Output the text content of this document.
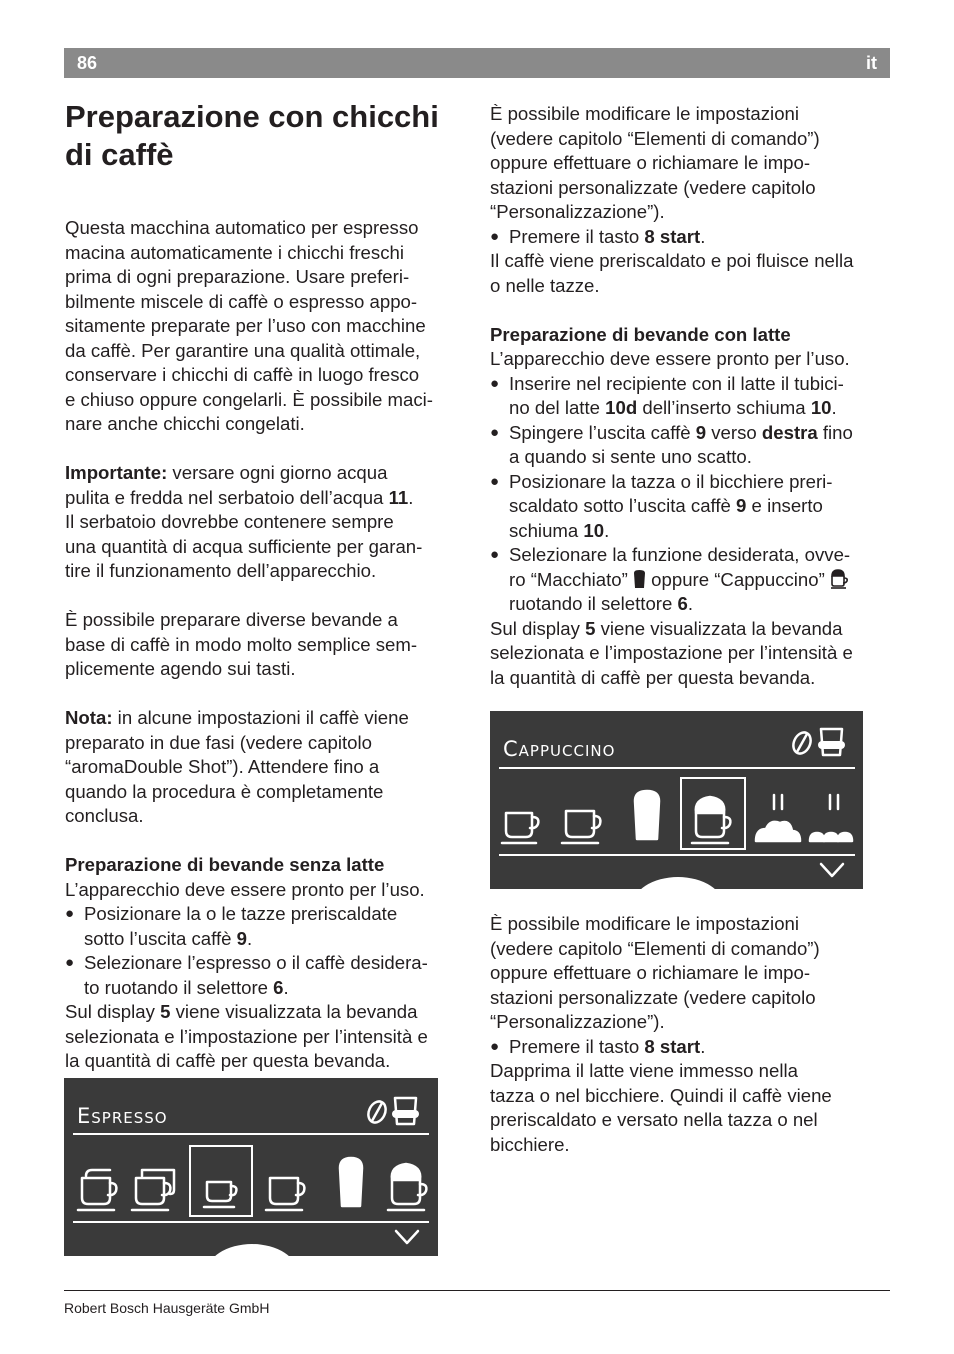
86	it
Preparazione con chicchi
di caffè

Questa macchina automatico per espresso

macina automaticamente i chicchi freschi

prima di ogni preparazione. Usare preferi-

bilmente miscele di caffè o espresso appo-

sitamente preparate per l’uso con macchine

da caffè. Per garantire una qualità ottimale,

conservare i chicchi di caffè in luogo fresco

e chiuso oppure congelarli. È possibile maci-

nare anche chicchi congelati.

Importante: versare ogni giorno acqua

pulita e fredda nel serbatoio dell’acqua 11.

Il serbatoio dovrebbe contenere sempre

una quantità di acqua sufficiente per garan-

tire il funzionamento dell’apparecchio.

È possibile preparare diverse bevande a

base di caffè in modo molto semplice sem-

plicemente agendo sui tasti.

Nota: in alcune impostazioni il caffè viene

preparato in due fasi (vedere capitolo

“aromaDouble Shot”). Attendere fino a

quando la procedura è completamente

conclusa.

Preparazione di bevande senza latte

L’apparecchio deve essere pronto per l’uso.

● Posizionare la o le tazze preriscaldate
sotto l’uscita caffè 9.
● Selezionare l’espresso o il caffè desidera-
to ruotando il selettore 6.

Sul display 5 viene visualizzata la bevanda

selezionata e l’impostazione per l’intensità e

la quantità di caffè per questa bevanda.

Espresso

È possibile modificare le impostazioni

(vedere capitolo “Elementi di comando”)

oppure effettuare o richiamare le impo-

stazioni personalizzate (vedere capitolo

“Personalizzazione”).

● Premere il tasto 8 start.

Il caffè viene preriscaldato e poi fluisce nella

o nelle tazze.

Preparazione di bevande con latte

L’apparecchio deve essere pronto per l’uso.

● Inserire nel recipiente con il latte il tubici-
no del latte 10d dell’inserto schiuma 10.
● Spingere l’uscita caffè 9 verso destra fino
a quando si sente uno scatto.
● Posizionare la tazza o il bicchiere preri-
scaldato sotto l’uscita caffè 9 e inserto
schiuma 10.
● Selezionare la funzione desiderata, ovve-
ro “Macchiato”  oppure “Cappuccino”
ruotando il selettore 6.

Sul display 5 viene visualizzata la bevanda

selezionata e l’impostazione per l’intensità e

la quantità di caffè per questa bevanda.

Cappuccino

È possibile modificare le impostazioni

(vedere capitolo “Elementi di comando”)

oppure effettuare o richiamare le impo-

stazioni personalizzate (vedere capitolo

“Personalizzazione”).

● Premere il tasto 8 start.

Dapprima il latte viene immesso nella

tazza o nel bicchiere. Quindi il caffè viene

preriscaldato e versato nella tazza o nel

bicchiere.

Robert Bosch Hausgeräte GmbH
